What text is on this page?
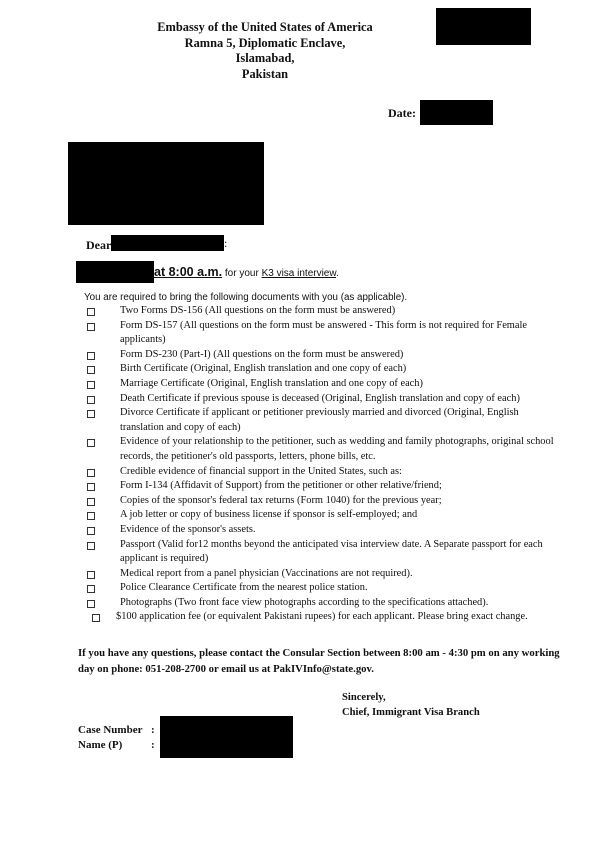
Embassy of the United States of America
Ramna 5, Diplomatic Enclave,
Islamabad,
Pakistan
Date:
Dear	:
at 8:00 a.m. for your K3 visa interview.
You are required to bring the following documents with you (as applicable).
Two Forms DS-156 (All questions on the form must be answered)
Form DS-157 (All questions on the form must be answered - This form is not required for Female applicants)
Form DS-230 (Part-I) (All questions on the form must be answered)
Birth Certificate (Original, English translation and one copy of each)
Marriage Certificate (Original, English translation and one copy of each)
Death Certificate if previous spouse is deceased (Original, English translation and copy of each)
Divorce Certificate if applicant or petitioner previously married and divorced (Original, English translation and copy of each)
Evidence of your relationship to the petitioner, such as wedding and family photographs, original school records, the petitioner's old passports, letters, phone bills, etc.
Credible evidence of financial support in the United States, such as:
Form I-134 (Affidavit of Support) from the petitioner or other relative/friend;
Copies of the sponsor's federal tax returns (Form 1040) for the previous year;
A job letter or copy of business license if sponsor is self-employed; and
Evidence of the sponsor's assets.
Passport (Valid for12 months beyond the anticipated visa interview date. A Separate passport for each applicant is required)
Medical report from a panel physician (Vaccinations are not required).
Police Clearance Certificate from the nearest police station.
Photographs (Two front face view photographs according to the specifications attached).
$100 application fee (or equivalent Pakistani rupees) for each applicant. Please bring exact change.
If you have any questions, please contact the Consular Section between 8:00 am - 4:30 pm on any working day on phone: 051-208-2700 or email us at PakIVInfo@state.gov.
Sincerely,
Chief, Immigrant Visa Branch
Case Number :
Name (P)	:
